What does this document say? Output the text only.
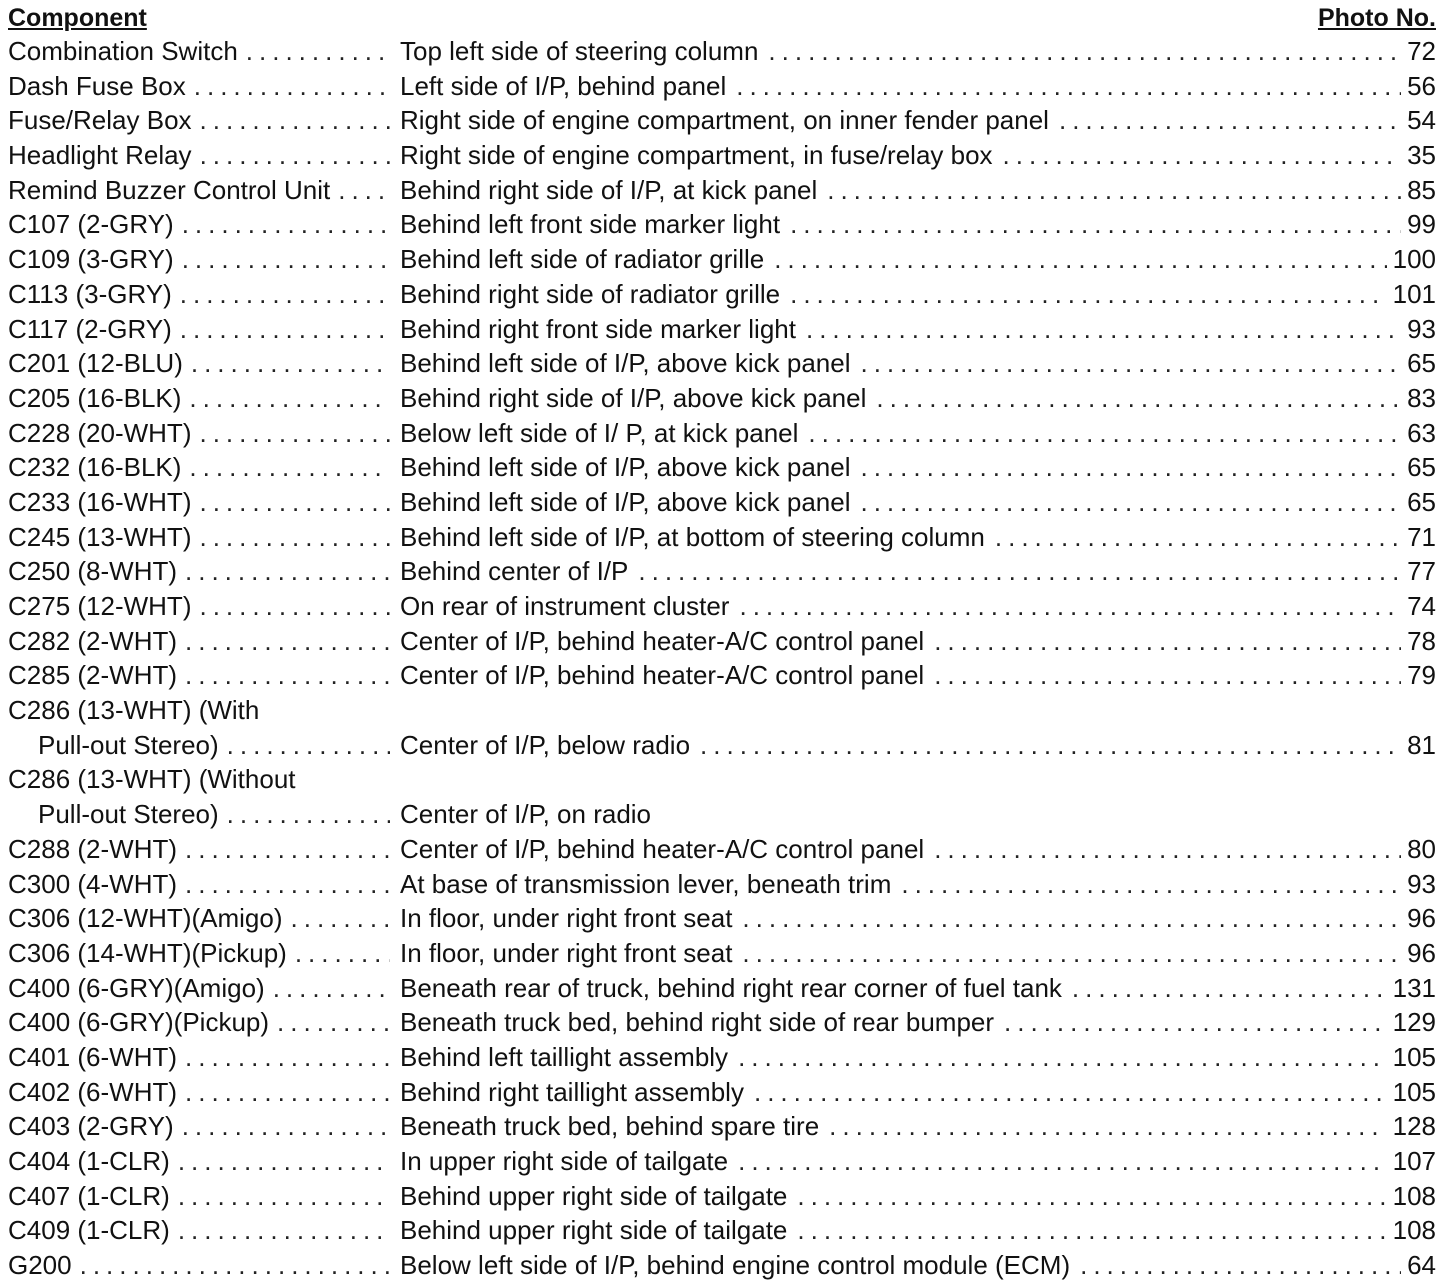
Component	Photo No.
Combination Switch .....	Top left side of steering column .....	72
Dash Fuse Box .....	Left side of I/P, behind panel .....	56
Fuse/Relay Box .....	Right side of engine compartment, on inner fender panel .....	54
Headlight Relay .....	Right side of engine compartment, in fuse/relay box .....	35
Remind Buzzer Control Unit .....	Behind right side of I/P, at kick panel .....	85
C107 (2-GRY) .....	Behind left front side marker light .....	99
C109 (3-GRY) .....	Behind left side of radiator grille .....	100
C113 (3-GRY) .....	Behind right side of radiator grille .....	101
C117 (2-GRY) .....	Behind right front side marker light .....	93
C201 (12-BLU) .....	Behind left side of I/P, above kick panel .....	65
C205 (16-BLK) .....	Behind right side of I/P, above kick panel .....	83
C228 (20-WHT) .....	Below left side of I/ P, at kick panel .....	63
C232 (16-BLK) .....	Behind left side of I/P, above kick panel .....	65
C233 (16-WHT) .....	Behind left side of I/P, above kick panel .....	65
C245 (13-WHT) .....	Behind left side of I/P, at bottom of steering column .....	71
C250 (8-WHT) .....	Behind center of I/P .....	77
C275 (12-WHT) .....	On rear of instrument cluster .....	74
C282 (2-WHT) .....	Center of I/P, behind heater-A/C control panel .....	78
C285 (2-WHT) .....	Center of I/P, behind heater-A/C control panel .....	79
C286 (13-WHT) (With
Pull-out Stereo) .....	Center of I/P, below radio .....	81
C286 (13-WHT) (Without
Pull-out Stereo) .....	Center of I/P, on radio
C288 (2-WHT) .....	Center of I/P, behind heater-A/C control panel .....	80
C300 (4-WHT) .....	At base of transmission lever, beneath trim .....	93
C306 (12-WHT)(Amigo) .....	In floor, under right front seat .....	96
C306 (14-WHT)(Pickup) .....	In floor, under right front seat .....	96
C400 (6-GRY)(Amigo) .....	Beneath rear of truck, behind right rear corner of fuel tank .....	131
C400 (6-GRY)(Pickup) .....	Beneath truck bed, behind right side of rear bumper .....	129
C401 (6-WHT) .....	Behind left taillight assembly .....	105
C402 (6-WHT) .....	Behind right taillight assembly .....	105
C403 (2-GRY) .....	Beneath truck bed, behind spare tire .....	128
C404 (1-CLR) .....	In upper right side of tailgate .....	107
C407 (1-CLR) .....	Behind upper right side of tailgate .....	108
C409 (1-CLR) .....	Behind upper right side of tailgate .....	108
G200 .....	Below left side of I/P, behind engine control module (ECM) .....	64
